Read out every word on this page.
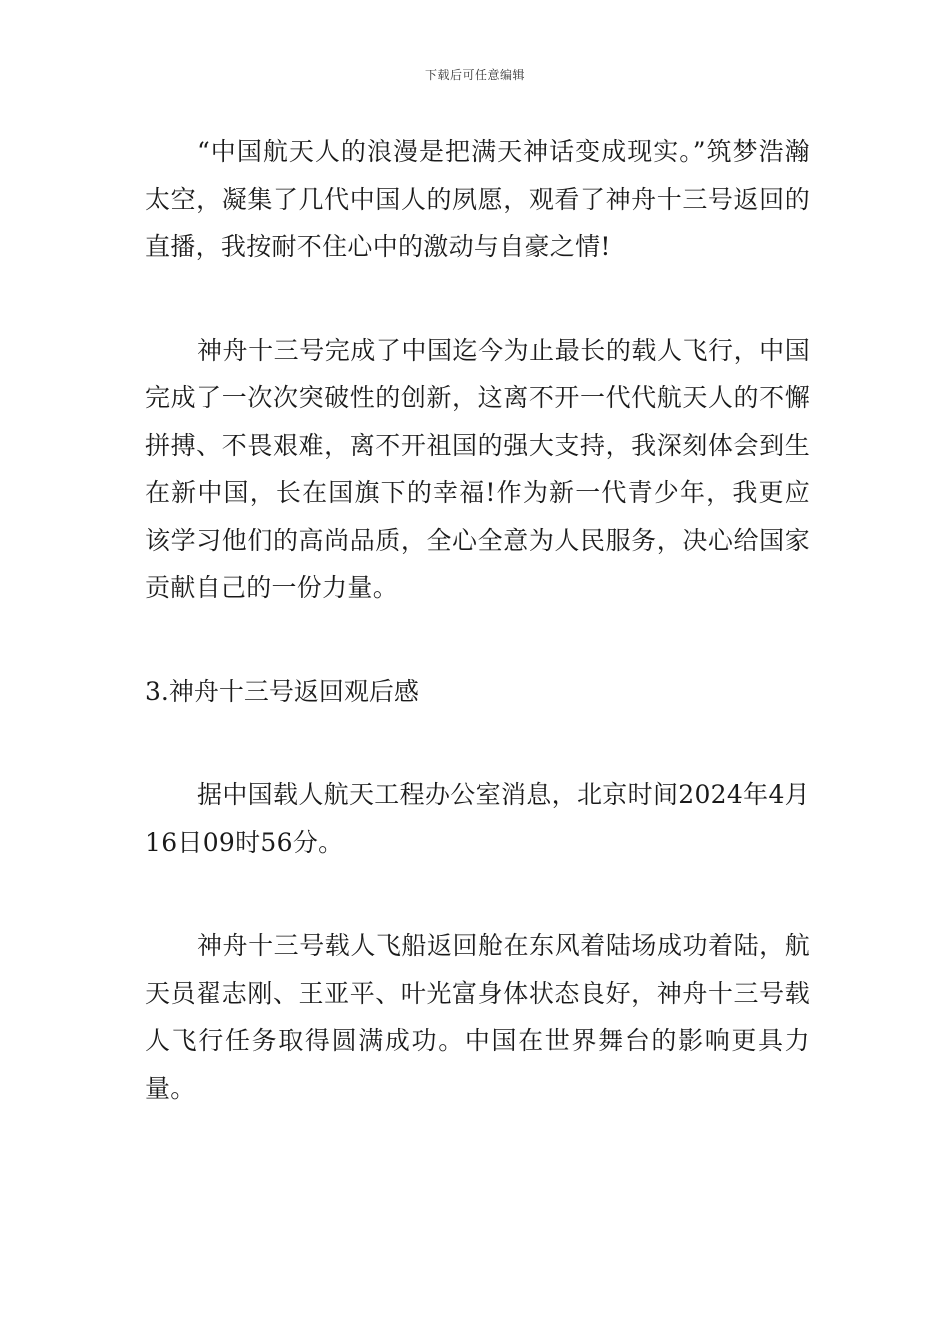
下载后可任意编辑

“中国航天人的浪漫是把满天神话变成现实。”筑梦浩瀚太空，凝集了几代中国人的夙愿，观看了神舟十三号返回的直播，我按耐不住心中的激动与自豪之情!

神舟十三号完成了中国迄今为止最长的载人飞行，中国完成了一次次突破性的创新，这离不开一代代航天人的不懈拼搏、不畏艰难，离不开祖国的强大支持，我深刻体会到生在新中国，长在国旗下的幸福!作为新一代青少年，我更应该学习他们的高尚品质，全心全意为人民服务，决心给国家贡献自己的一份力量。

3.神舟十三号返回观后感

据中国载人航天工程办公室消息，北京时间2024年4月16日09时56分。

神舟十三号载人飞船返回舱在东风着陆场成功着陆，航天员翟志刚、王亚平、叶光富身体状态良好，神舟十三号载人飞行任务取得圆满成功。中国在世界舞台的影响更具力量。
